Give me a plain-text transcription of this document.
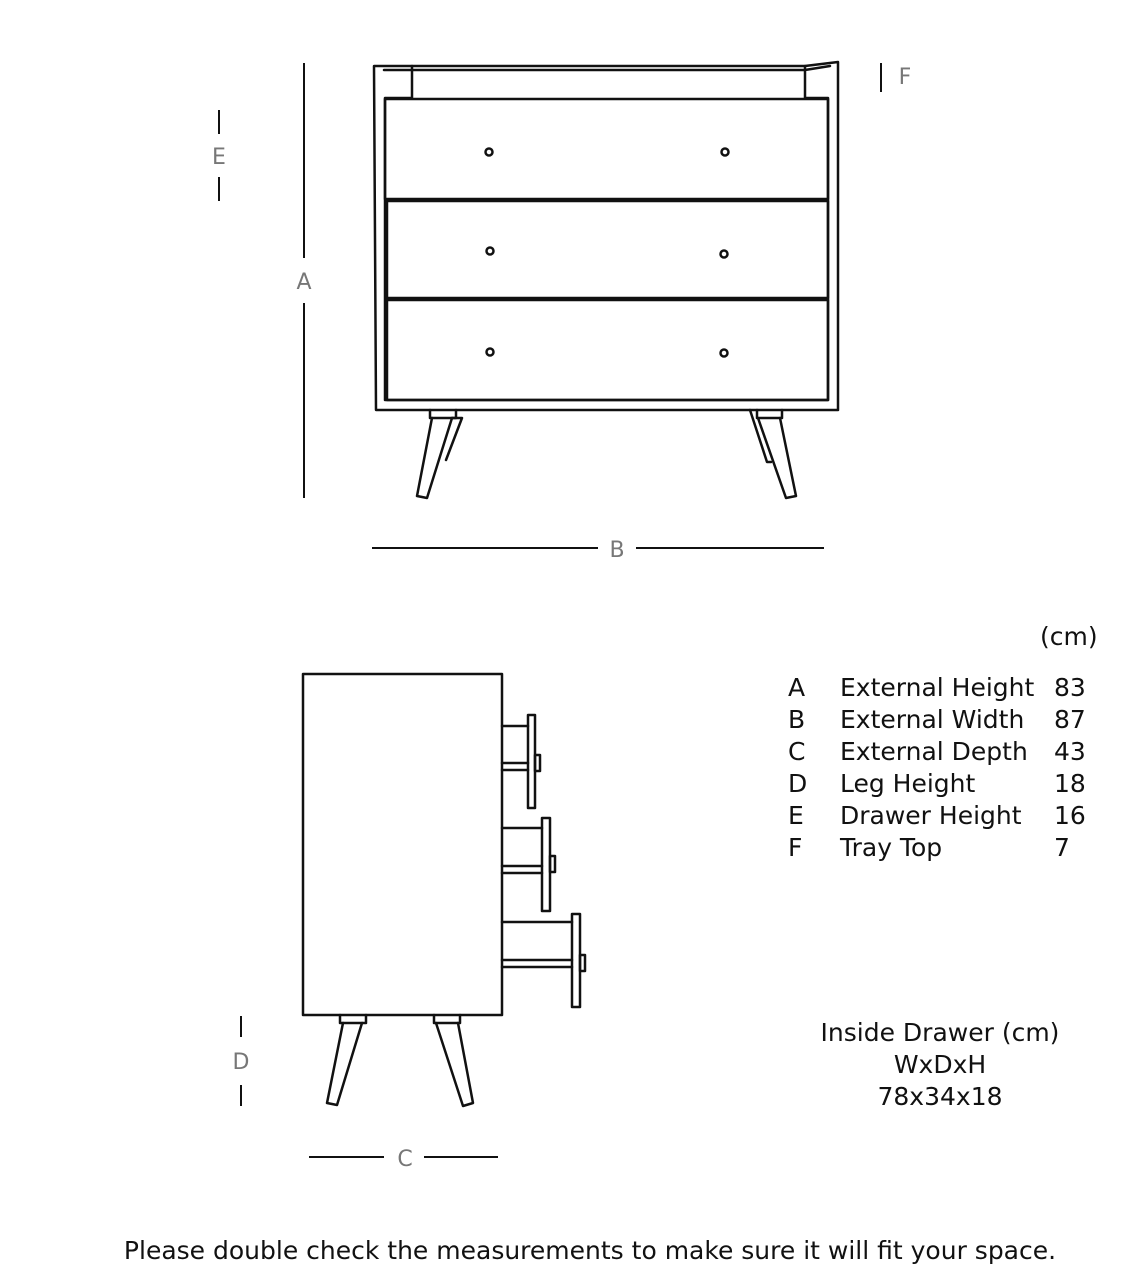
A
B
C
D
E
F
(cm)
A	External Height 83
B	External Width	87
C	External Depth	43
D	Leg Height	18
E	Drawer Height	16
F	Tray Top	7
Inside Drawer (cm)
WxDxH
78x34x18
Please double check the measurements to make sure it will fit your space.
